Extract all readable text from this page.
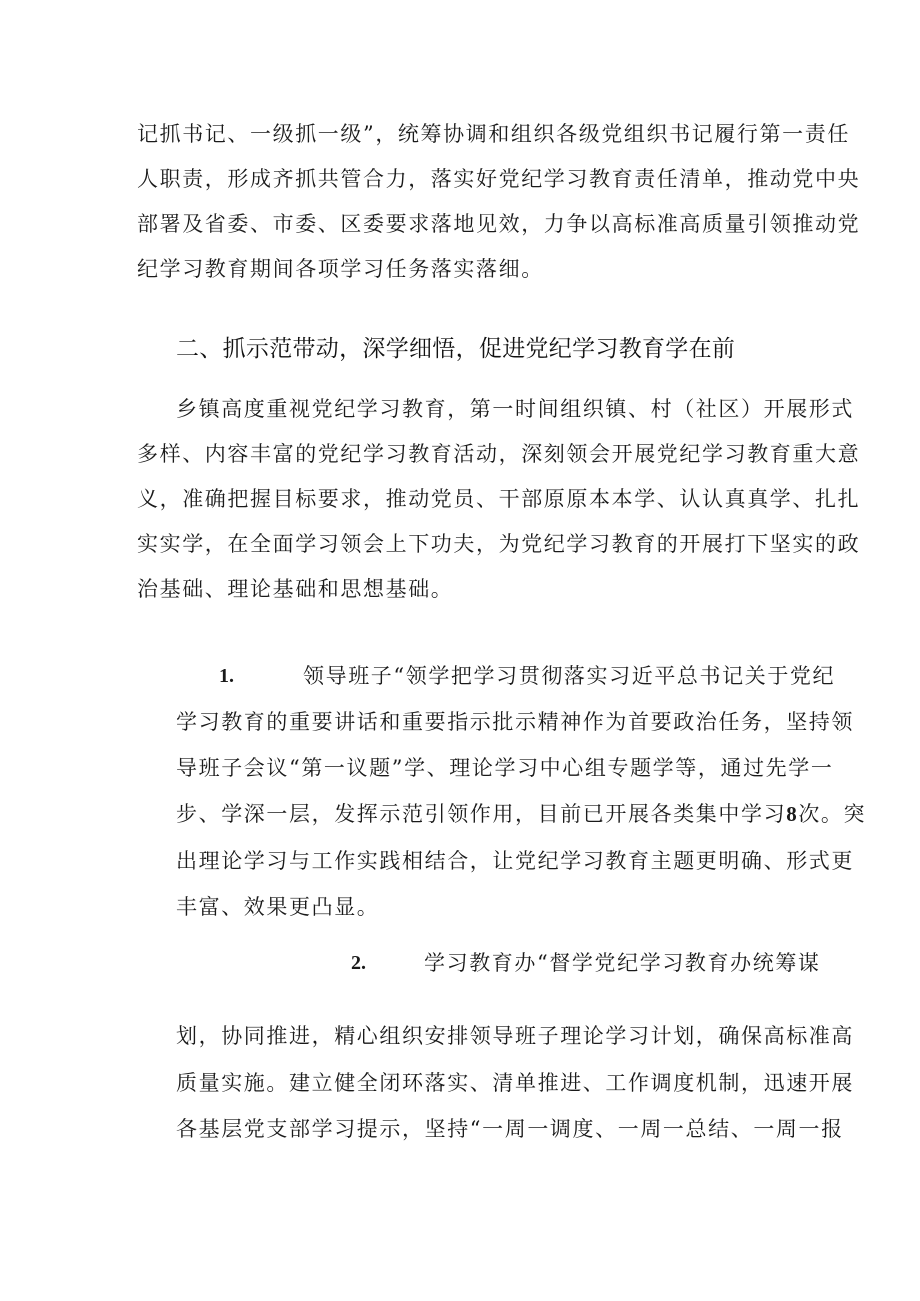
记抓书记、一级抓一级”，统筹协调和组织各级党组织书记履行第一责任
人职责，形成齐抓共管合力，落实好党纪学习教育责任清单，推动党中央
部署及省委、市委、区委要求落地见效，力争以高标准高质量引领推动党
纪学习教育期间各项学习任务落实落细。
二、抓示范带动，深学细悟，促进党纪学习教育学在前
乡镇高度重视党纪学习教育，第一时间组织镇、村（社区）开展形式
多样、内容丰富的党纪学习教育活动，深刻领会开展党纪学习教育重大意
义，准确把握目标要求，推动党员、干部原原本本学、认认真真学、扎扎
实实学，在全面学习领会上下功夫，为党纪学习教育的开展打下坚实的政
治基础、理论基础和思想基础。
1.	领导班子“领学把学习贯彻落实习近平总书记关于党纪
学习教育的重要讲话和重要指示批示精神作为首要政治任务，坚持领
导班子会议“第一议题”学、理论学习中心组专题学等，通过先学一
步、学深一层，发挥示范引领作用，目前已开展各类集中学习8次。突
出理论学习与工作实践相结合，让党纪学习教育主题更明确、形式更
丰富、效果更凸显。
2.	学习教育办“督学党纪学习教育办统筹谋
划，协同推进，精心组织安排领导班子理论学习计划，确保高标准高
质量实施。建立健全闭环落实、清单推进、工作调度机制，迅速开展
各基层党支部学习提示，坚持“一周一调度、一周一总结、一周一报
